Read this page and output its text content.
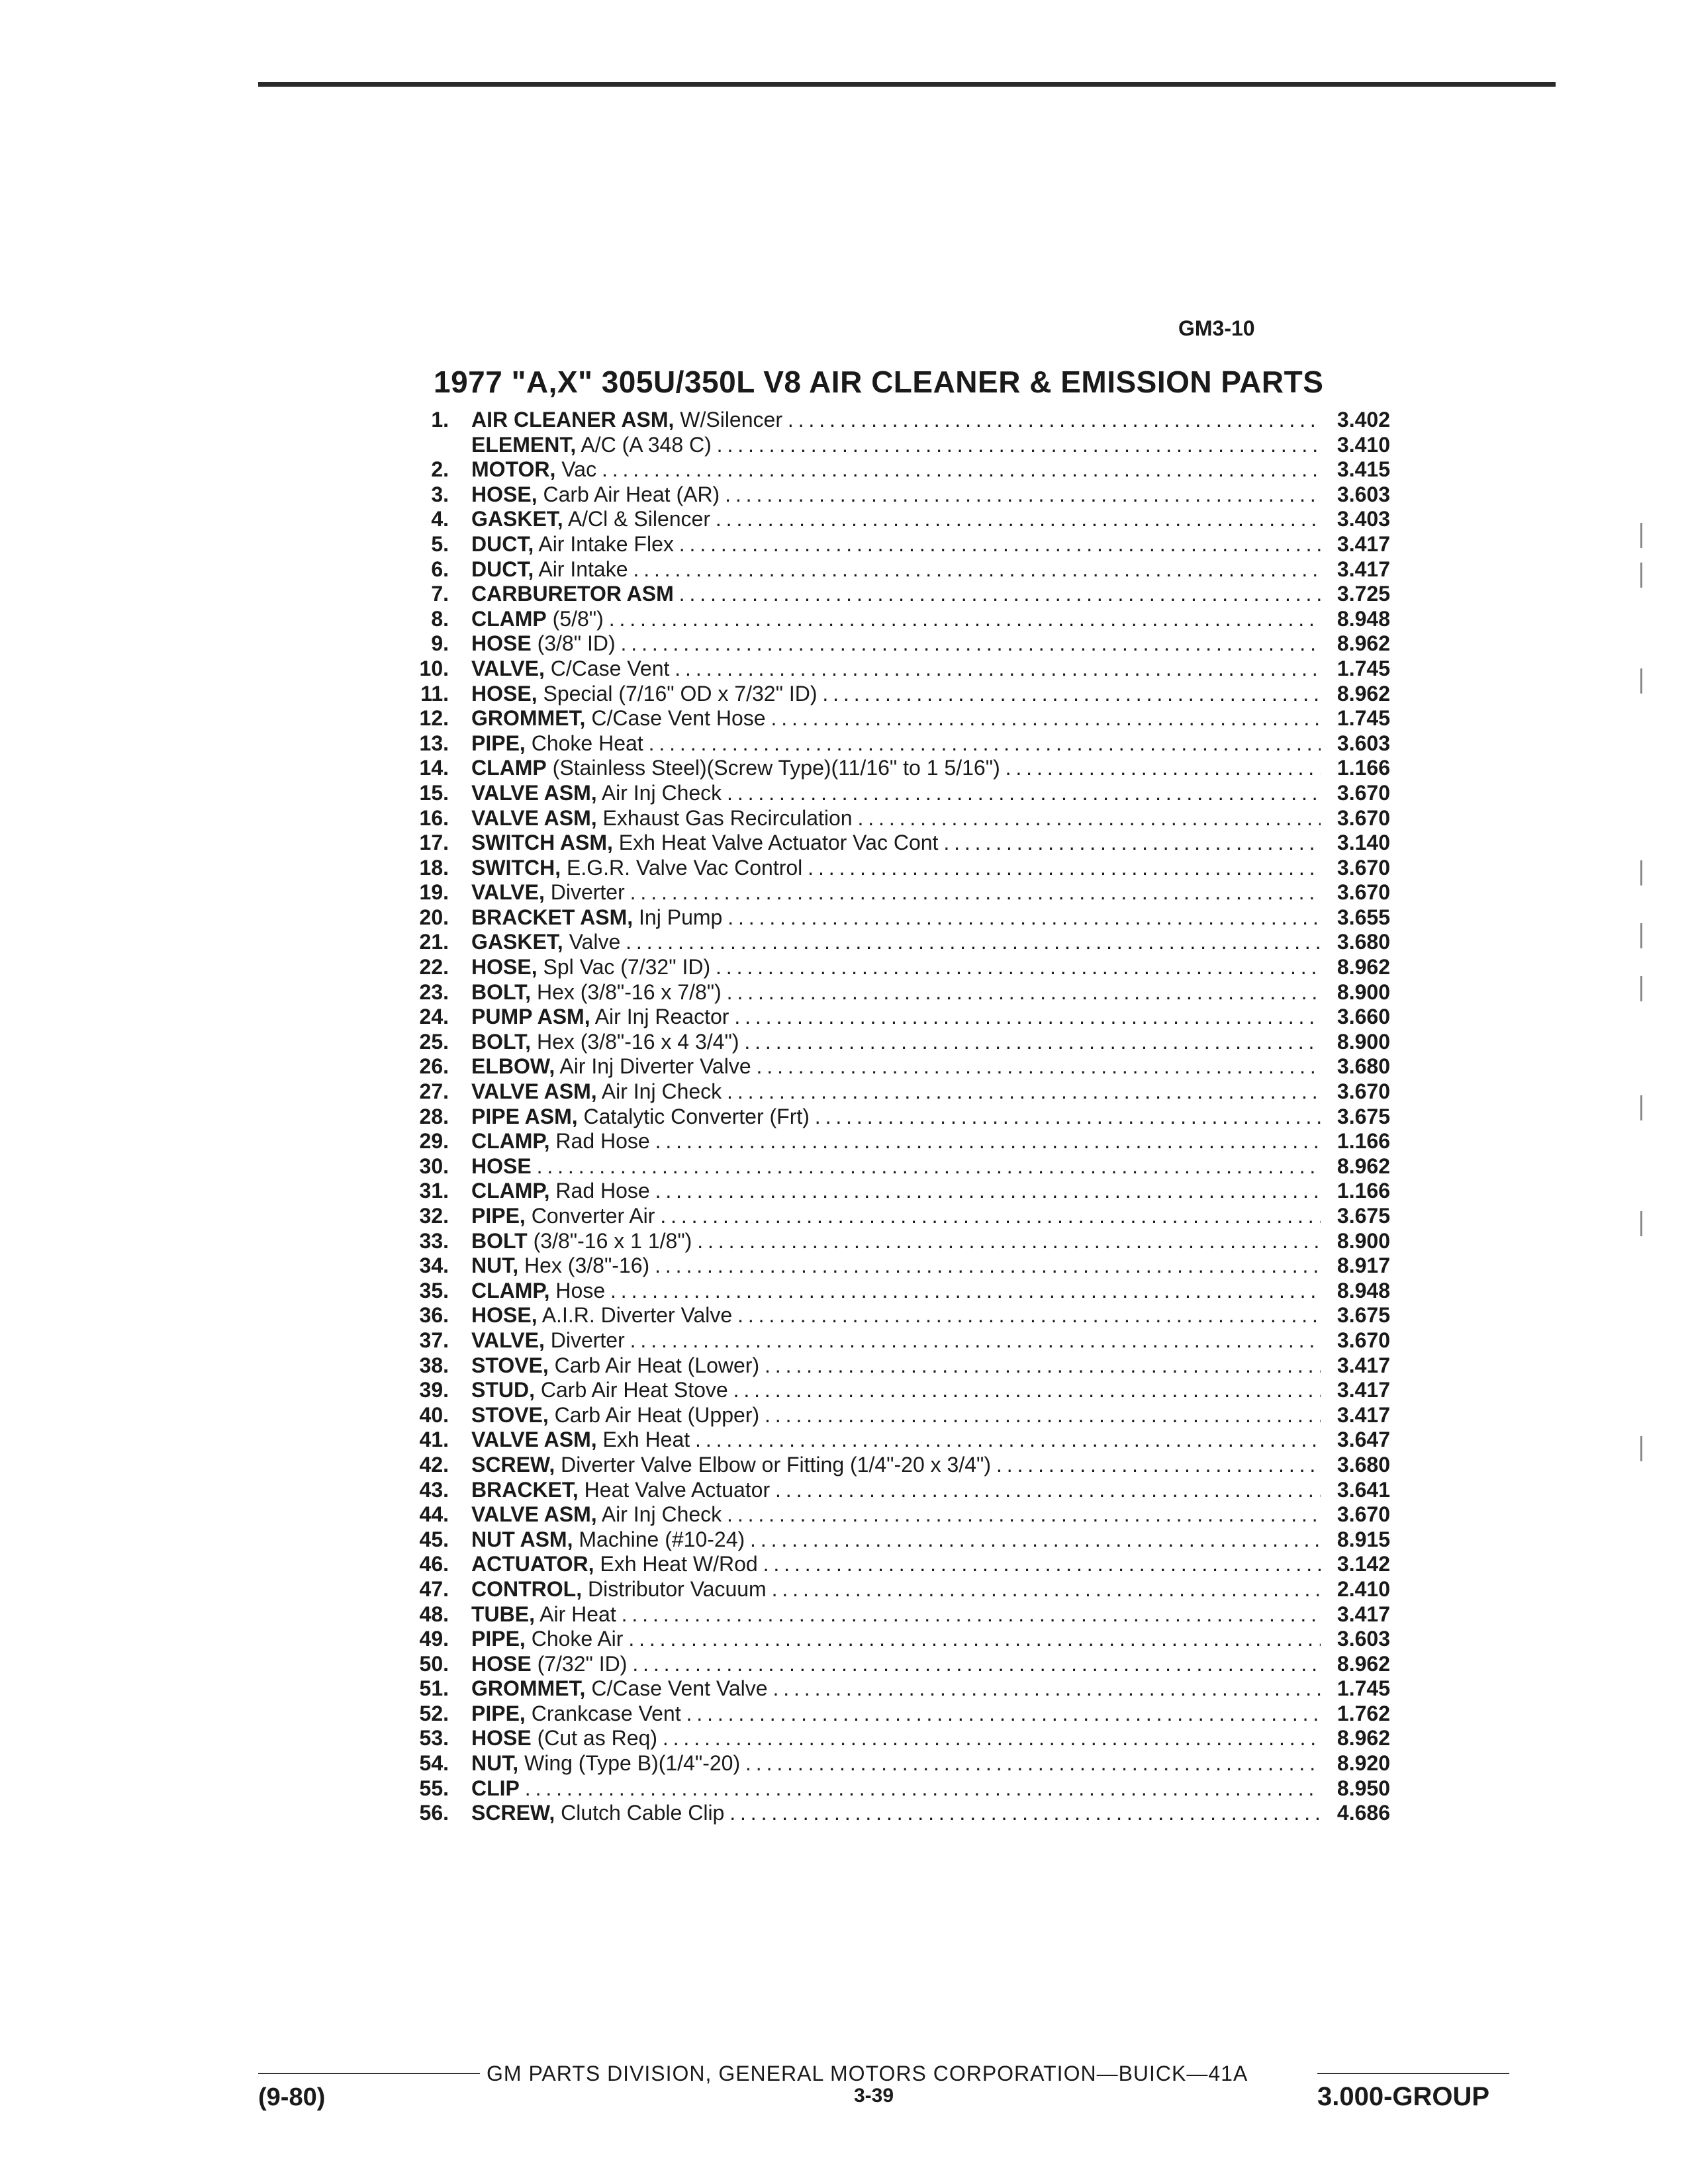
GM3-10
1977 "A,X" 305U/350L V8 AIR CLEANER & EMISSION PARTS
1. AIR CLEANER ASM, W/Silencer . . .	3.402
ELEMENT, A/C (A 348 C) . . .	3.410
2. MOTOR, Vac . . .	3.415
3. HOSE, Carb Air Heat (AR) . . .	3.603
4. GASKET, A/Cl & Silencer . . .	3.403
5. DUCT, Air Intake Flex . . .	3.417
6. DUCT, Air Intake . . .	3.417
7. CARBURETOR ASM . . .	3.725
8. CLAMP (5/8") . . .	8.948
9. HOSE (3/8" ID) . . .	8.962
10. VALVE, C/Case Vent . . .	1.745
11. HOSE, Special (7/16" OD x 7/32" ID) . . .	8.962
12. GROMMET, C/Case Vent Hose . . .	1.745
13. PIPE, Choke Heat . . .	3.603
14. CLAMP (Stainless Steel)(Screw Type)(11/16" to 1 5/16") . . .	1.166
15. VALVE ASM, Air Inj Check . . .	3.670
16. VALVE ASM, Exhaust Gas Recirculation . . .	3.670
17. SWITCH ASM, Exh Heat Valve Actuator Vac Cont . . .	3.140
18. SWITCH, E.G.R. Valve Vac Control . . .	3.670
19. VALVE, Diverter . . .	3.670
20. BRACKET ASM, Inj Pump . . .	3.655
21. GASKET, Valve . . .	3.680
22. HOSE, Spl Vac (7/32" ID) . . .	8.962
23. BOLT, Hex (3/8"-16 x 7/8") . . .	8.900
24. PUMP ASM, Air Inj Reactor . . .	3.660
25. BOLT, Hex (3/8"-16 x 4 3/4") . . .	8.900
26. ELBOW, Air Inj Diverter Valve . . .	3.680
27. VALVE ASM, Air Inj Check . . .	3.670
28. PIPE ASM, Catalytic Converter (Frt) . . .	3.675
29. CLAMP, Rad Hose . . .	1.166
30. HOSE . . .	8.962
31. CLAMP, Rad Hose . . .	1.166
32. PIPE, Converter Air . . .	3.675
33. BOLT (3/8"-16 x 1 1/8") . . .	8.900
34. NUT, Hex (3/8"-16) . . .	8.917
35. CLAMP, Hose . . .	8.948
36. HOSE, A.I.R. Diverter Valve . . .	3.675
37. VALVE, Diverter . . .	3.670
38. STOVE, Carb Air Heat (Lower) . . .	3.417
39. STUD, Carb Air Heat Stove . . .	3.417
40. STOVE, Carb Air Heat (Upper) . . .	3.417
41. VALVE ASM, Exh Heat . . .	3.647
42. SCREW, Diverter Valve Elbow or Fitting (1/4"-20 x 3/4") . . .	3.680
43. BRACKET, Heat Valve Actuator . . .	3.641
44. VALVE ASM, Air Inj Check . . .	3.670
45. NUT ASM, Machine (#10-24) . . .	8.915
46. ACTUATOR, Exh Heat W/Rod . . .	3.142
47. CONTROL, Distributor Vacuum . . .	2.410
48. TUBE, Air Heat . . .	3.417
49. PIPE, Choke Air . . .	3.603
50. HOSE (7/32" ID) . . .	8.962
51. GROMMET, C/Case Vent Valve . . .	1.745
52. PIPE, Crankcase Vent . . .	1.762
53. HOSE (Cut as Req) . . .	8.962
54. NUT, Wing (Type B)(1/4"-20) . . .	8.920
55. CLIP . . .	8.950
56. SCREW, Clutch Cable Clip . . .	4.686
GM PARTS DIVISION, GENERAL MOTORS CORPORATION—BUICK—41A
(9-80)	3-39	3.000-GROUP
